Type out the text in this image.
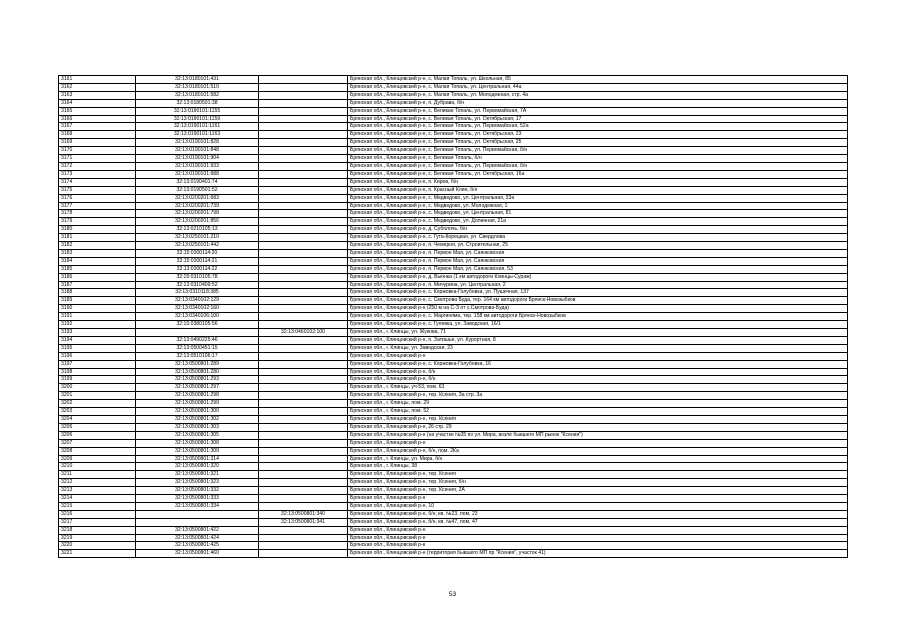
3161	32:13:0180101:431		Брянская обл., Клинцовский р-н, с. Малая Топаль, ул. Школьная, 85
3162	32:13:0180101:510		Брянская обл., Клинцовский р-н, с. Малая Топаль, ул. Центральная, 44а
3163	32:13:0180101:582		Брянская обл., Клинцовский р-н, с. Малая Топаль, ул. Молодежная, стр. 4а
3164	32:13:0180501:38		Брянская обл., Клинцовский р-н, п. Дубрава, б/н
3165	32:13:0190101:1155		Брянская обл., Клинцовский р-н, с. Великая Топаль, ул. Первомайская, 7А
3166	32:13:0190101:1159		Брянская обл., Клинцовский р-н, с. Великая Топаль, ул. Октябрьская, 17
3167	32:13:0190101:1161		Брянская обл., Клинцовский р-н, с. Великая Топаль, ул. Первомайская, 52а
3168	32:13:0190101:1163		Брянская обл., Клинцовский р-н, с. Великая Топаль, ул. Октябрьская, 23
3169	32:13:0190101:828		Брянская обл., Клинцовский р-н, с. Великая Топаль, ул. Октябрьская, 25
3170	32:13:0190101:848		Брянская обл., Клинцовский р-н, с. Великая Топаль, ул. Первомайская, б/н
3171	32:13:0190101:904		Брянская обл., Клинцовский р-н, с. Великая Топаль, б/н
3172	32:13:0190101:933		Брянская обл., Клинцовский р-н, с. Великая Топаль, ул. Первомайская, б/н
3173	32:13:0190101:988		Брянская обл., Клинцовский р-н, с. Великая Топаль, ул. Октябрьская, 16а
3174	32:13:0190401:74		Брянская обл., Клинцовский р-н, п. Киров, б/н
3175	32:13:0190501:52		Брянская обл., Клинцовский р-н, п. Красный Клин, б/н
3176	32:13:0200201:683		Брянская обл., Клинцовский р-н, с. Медведово, ул. Центральная, 33а
3177	32:13:0200201:739		Брянская обл., Клинцовский р-н, с. Медведово, ул. Молодежная, 1
3178	32:13:0200201:798		Брянская обл., Клинцовский р-н, с. Медведово, ул. Центральная, 81
3179	32:13:0200201:856		Брянская обл., Клинцовский р-н, с. Медведово, ул. Долинная, 21а
3180	32:13:0210105:13		Брянская обл., Клинцовский р-н, д. Суболочь, б/н
3181	32:13:0250101:210		Брянская обл., Клинцовский р-н, с. Гута-Корецкая, ул. Свердлова
3182	32:13:0250101:442		Брянская обл., Клинцовский р-н, п. Чемерня, ул. Строительная, 25
3183	32:15:0300114:20		Брянская обл., Клинцовский р-н, п. Первое Мая, ул. Саянковская
3184	32:15:0300114:21		Брянская обл., Клинцовский р-н, п. Первое Мая, ул. Саянковская
3185	32:13:0300114:22		Брянская обл., Клинцовский р-н, п. Первое Мая, ул. Саянковская, 53
3186	32:15:0310105:78		Брянская обл., Клинцовский р-н, д. Вьюнка (1 км автодороги Клинцы-Сураж)
3187	32:13:0310409:52		Брянская обл., Клинцовский р-н, п. Мичурина, ул. Центральная, 2
3188	32:13:0310118:385		Брянская обл., Клинцовский р-н, с. Коржовка-Голубовка, ул. Пушечная, 137
3189	32:13:0340102:129		Брянская обл., Клинцовский р-н, с. Смотрова Буда, тер. 164 км автодороги Брянск-Новозыбков
3190	32:13:0340102:160		Брянская обл., Клинцовский р-н (250 м на С-З от с.Смотрова-Буда)
3191	32:13:0340106:100		Брянская обл., Клинцовский р-н, с. Маргиняма, тер. 158 км автодороги Брянск-Новозыбков
3192	32:15:0380105:56		Брянская обл., Клинцовский р-н, с. Гулевка, ул. Заводская, 16/1
3193		32:13:0460102:100	Брянская обл., г. Клинцы, ул. Жукова, 71
3194	32:13:0490225:46		Брянская обл., Клинцовский р-н, п. Затишье, ул. Курортная, 8
3195	32:13:0500451:15		Брянская обл., г. Клинцы, ул. Заводская, 23
3196	32:13:0510106:17		Брянская обл., Клинцовский р-н
3197	32:13:0500801:289		Брянская обл., Клинцовский р-н, с. Коржовка-Голубовка, 16
3198	32:13:0500801:280		Брянская обл., Клинцовский р-н, б/н
3199	32:13:0500801:293		Брянская обл., Клинцовский р-н, б/н
3200	32:13:0500801:297		Брянская обл., г. Клинцы, уч-53, пом. 63
3201	32:13:0500801:298		Брянская обл., Клинцовский р-н, тер. Ксения, За стр. 3а
3202	32:13:0500801:299		Брянская обл., г. Клинцы, пом. 29
3203	32:13:0500801:300		Брянская обл., г. Клинцы, пом. 52
3204	32:13:0500801:302		Брянская обл., Клинцовский р-н, тер. Ксения
3205	32:13:0500801:303		Брянская обл., Клинцовский р-н, 26 стр. 29
3206	32:13:0500801:305		Брянская обл., Клинцовский р-н (на участке №35 по ул. Мира, возле бывшего МП рынок "Ксения")
3207	32:13:0500801:308		Брянская обл., Клинцовский р-н
3208	32:13:0500801:309		Брянская обл., Клинцовский р-н, б/н, пом. 2Ка
3209	32:13:0500801:314		Брянская обл., г. Клинцы, ул. Мира, б/н
3210	32:13:0500801:320		Брянская обл., г. Клинцы, 38
3211	32:13:0500801:321		Брянская обл., Клинцовский р-н, тер. Ксения
3212	32:13:0500801:323		Брянская обл., Клинцовский р-н, тер. Ксения, б/н
3213	32:13:0500801:332		Брянская обл., Клинцовский р-н, тер. Ксения, 2А
3214	32:13:0500801:333		Брянская обл., Клинцовский р-н
3215	32:13:0500801:334		Брянская обл., Клинцовский р-н, 10
3216		32:13:0500801:340	Брянская обл., Клинцовский р-н, б/н, кв. №23, пом. 23
3217		32:13:0500801:341	Брянская обл., Клинцовский р-н, б/н, кв. №47, пом. 47
3218	32:13:0500801:422		Брянская обл., Клинцовский р-н
3219	32:13:0500801:424		Брянская обл., Клинцовский р-н
3220	32:13:0500801:425		Брянская обл., Клинцовский р-н
3221	32:13:0500801:460		Брянская обл., Клинцовский р-н (территория бывшего МП пр "Ксения", участок 41)
53
